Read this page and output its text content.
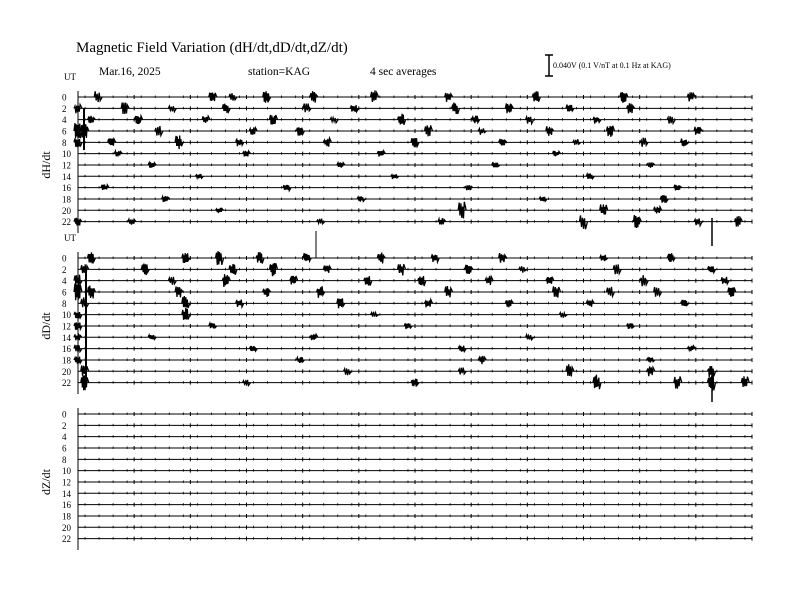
Magnetic Field Variation (dH/dt,dD/dt,dZ/dt)
Mar.16, 2025	station=KAG	4 sec averages
0.040V (0.1 V/nT at 0.1 Hz at KAG)
UT
dH/dt
0
2
4
6
8
10
12
14
16
18
20
22
UT
dD/dt
0
2
4
6
8
10
12
14
16
18
20
22
dZ/dt
0
2
4
6
8
10
12
14
16
18
20
22
